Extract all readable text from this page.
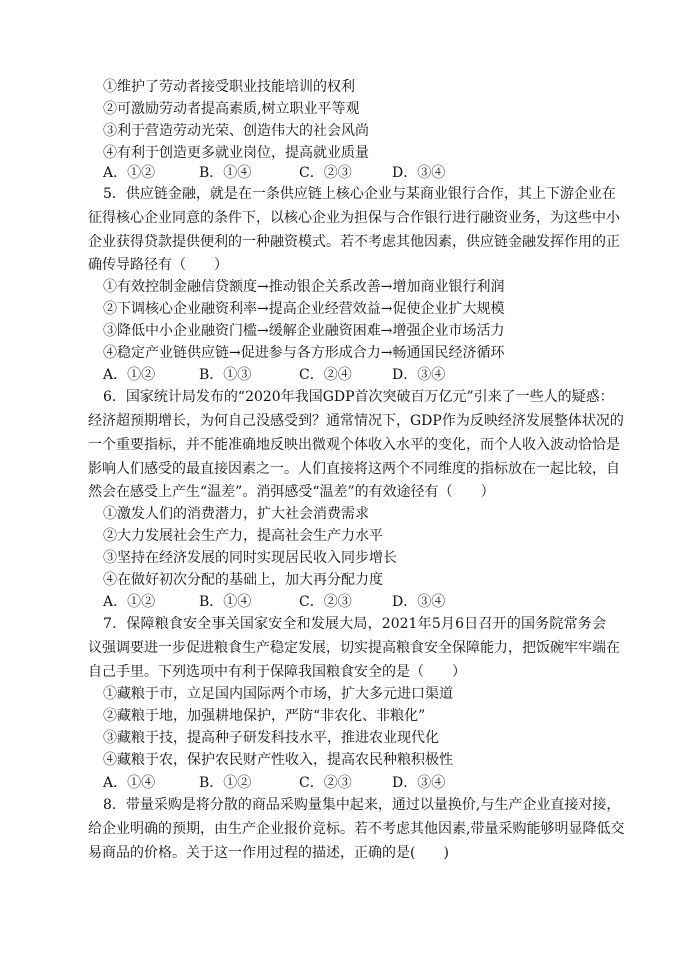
①维护了劳动者接受职业技能培训的权利
②可激励劳动者提高素质,树立职业平等观
③利于营造劳动光荣、创造伟大的社会风尚
④有利于创造更多就业岗位，提高就业质量
A．①②	B．①④	C．②③	D．③④
5．供应链金融，就是在一条供应链上核心企业与某商业银行合作，其上下游企业在
征得核心企业同意的条件下，以核心企业为担保与合作银行进行融资业务，为这些中小
企业获得贷款提供便利的一种融资模式。若不考虑其他因素，供应链金融发挥作用的正
确传导路径有（　　）
①有效控制金融信贷额度→推动银企关系改善→增加商业银行利润
②下调核心企业融资利率→提高企业经营效益→促使企业扩大规模
③降低中小企业融资门槛→缓解企业融资困难→增强企业市场活力
④稳定产业链供应链→促进参与各方形成合力→畅通国民经济循环
A．①②	B．①③	C．②④	D．③④
6．国家统计局发布的“2020年我国GDP首次突破百万亿元”引来了一些人的疑惑：
经济超预期增长，为何自己没感受到？通常情况下，GDP作为反映经济发展整体状况的
一个重要指标，并不能准确地反映出微观个体收入水平的变化，而个人收入波动恰恰是
影响人们感受的最直接因素之一。人们直接将这两个不同维度的指标放在一起比较，自
然会在感受上产生“温差”。消弭感受“温差”的有效途径有（　　）
①激发人们的消费潜力，扩大社会消费需求
②大力发展社会生产力，提高社会生产力水平
③坚持在经济发展的同时实现居民收入同步增长
④在做好初次分配的基础上，加大再分配力度
A．①②	B．①④	C．②③	D．③④
7．保障粮食安全事关国家安全和发展大局，2021年5月6日召开的国务院常务会
议强调要进一步促进粮食生产稳定发展，切实提高粮食安全保障能力，把饭碗牢牢端在
自己手里。下列选项中有利于保障我国粮食安全的是（　　）
①藏粮于市，立足国内国际两个市场，扩大多元进口渠道
②藏粮于地，加强耕地保护，严防“非农化、非粮化”
③藏粮于技，提高种子研发科技水平，推进农业现代化
④藏粮于农，保护农民财产性收入，提高农民种粮积极性
A．①④	B．①②	C．②③	D．③④
8．带量采购是将分散的商品采购量集中起来，通过以量换价,与生产企业直接对接，
给企业明确的预期，由生产企业报价竞标。若不考虑其他因素,带量采购能够明显降低交
易商品的价格。关于这一作用过程的描述，正确的是(　　)
